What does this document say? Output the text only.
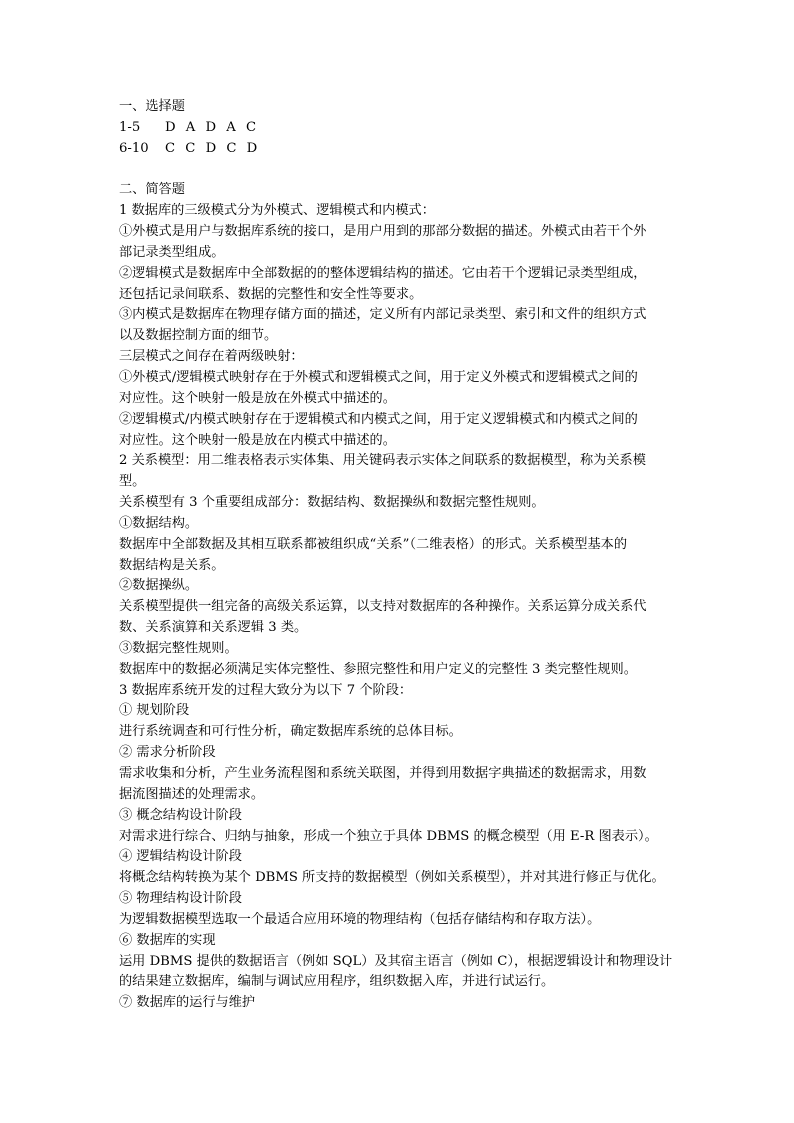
一、选择题
1-5	D A D A C
6-10	C C D C D
二、简答题
1 数据库的三级模式分为外模式、逻辑模式和内模式：
①外模式是用户与数据库系统的接口，是用户用到的那部分数据的描述。外模式由若干个外
部记录类型组成。
②逻辑模式是数据库中全部数据的的整体逻辑结构的描述。它由若干个逻辑记录类型组成，
还包括记录间联系、数据的完整性和安全性等要求。
③内模式是数据库在物理存储方面的描述，定义所有内部记录类型、索引和文件的组织方式
以及数据控制方面的细节。
三层模式之间存在着两级映射：
①外模式/逻辑模式映射存在于外模式和逻辑模式之间，用于定义外模式和逻辑模式之间的
对应性。这个映射一般是放在外模式中描述的。
②逻辑模式/内模式映射存在于逻辑模式和内模式之间，用于定义逻辑模式和内模式之间的
对应性。这个映射一般是放在内模式中描述的。
2 关系模型：用二维表格表示实体集、用关键码表示实体之间联系的数据模型，称为关系模
型。
关系模型有 3 个重要组成部分：数据结构、数据操纵和数据完整性规则。
①数据结构。
数据库中全部数据及其相互联系都被组织成“关系”（二维表格）的形式。关系模型基本的
数据结构是关系。
②数据操纵。
关系模型提供一组完备的高级关系运算，以支持对数据库的各种操作。关系运算分成关系代
数、关系演算和关系逻辑 3 类。
③数据完整性规则。
数据库中的数据必须满足实体完整性、参照完整性和用户定义的完整性 3 类完整性规则。
3 数据库系统开发的过程大致分为以下 7 个阶段：
① 规划阶段
进行系统调查和可行性分析，确定数据库系统的总体目标。
② 需求分析阶段
需求收集和分析，产生业务流程图和系统关联图，并得到用数据字典描述的数据需求，用数
据流图描述的处理需求。
③ 概念结构设计阶段
对需求进行综合、归纳与抽象，形成一个独立于具体 DBMS 的概念模型（用 E-R 图表示）。
④ 逻辑结构设计阶段
将概念结构转换为某个 DBMS 所支持的数据模型（例如关系模型），并对其进行修正与优化。
⑤ 物理结构设计阶段
为逻辑数据模型选取一个最适合应用环境的物理结构（包括存储结构和存取方法）。
⑥ 数据库的实现
运用 DBMS 提供的数据语言（例如 SQL）及其宿主语言（例如 C），根据逻辑设计和物理设计
的结果建立数据库，编制与调试应用程序，组织数据入库，并进行试运行。
⑦ 数据库的运行与维护
